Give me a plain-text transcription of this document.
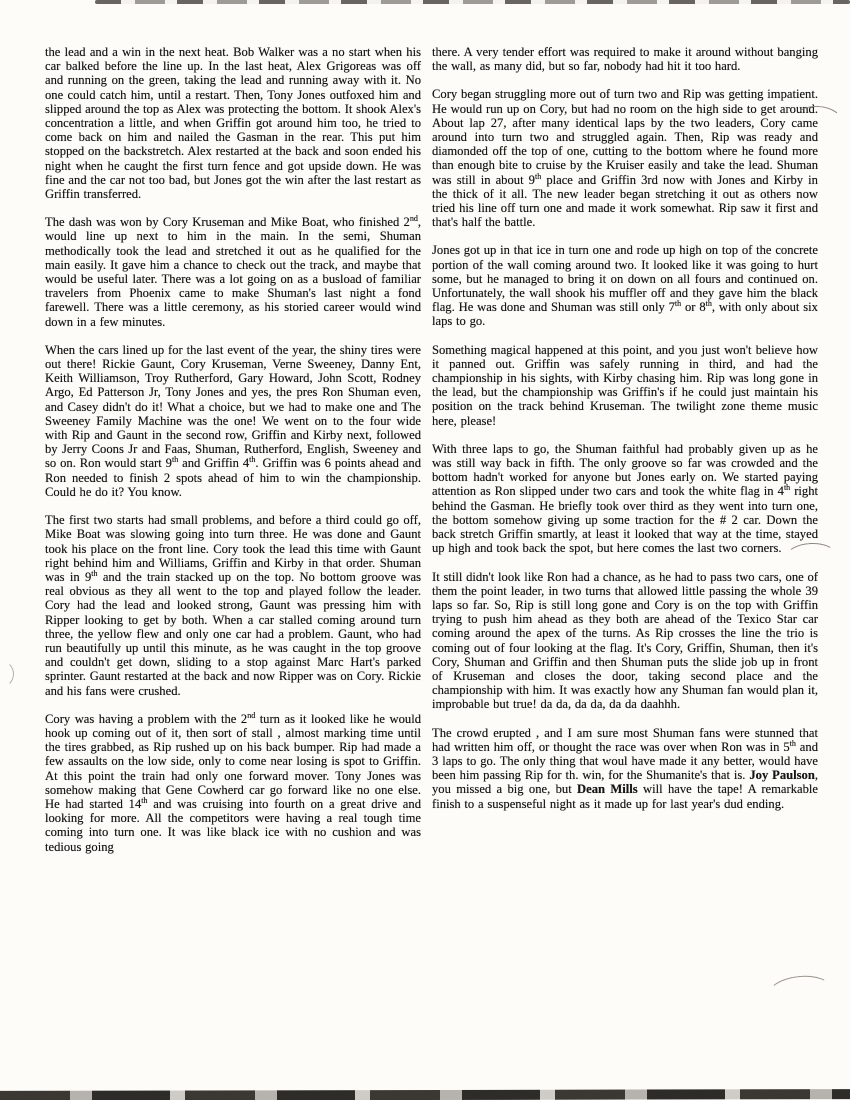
the lead and a win in the next heat. Bob Walker was a no start when his car balked before the line up. In the last heat, Alex Grigoreas was off and running on the green, taking the lead and running away with it. No one could catch him, until a restart. Then, Tony Jones outfoxed him and slipped around the top as Alex was protecting the bottom. It shook Alex's concentration a little, and when Griffin got around him too, he tried to come back on him and nailed the Gasman in the rear. This put him stopped on the backstretch. Alex restarted at the back and soon ended his night when he caught the first turn fence and got upside down. He was fine and the car not too bad, but Jones got the win after the last restart as Griffin transferred.

The dash was won by Cory Kruseman and Mike Boat, who finished 2nd, would line up next to him in the main. In the semi, Shuman methodically took the lead and stretched it out as he qualified for the main easily. It gave him a chance to check out the track, and maybe that would be useful later. There was a lot going on as a busload of familiar travelers from Phoenix came to make Shuman's last night a fond farewell. There was a little ceremony, as his storied career would wind down in a few minutes.

When the cars lined up for the last event of the year, the shiny tires were out there! Rickie Gaunt, Cory Kruseman, Verne Sweeney, Danny Ent, Keith Williamson, Troy Rutherford, Gary Howard, John Scott, Rodney Argo, Ed Patterson Jr, Tony Jones and yes, the pres Ron Shuman even, and Casey didn't do it! What a choice, but we had to make one and The Sweeney Family Machine was the one! We went on to the four wide with Rip and Gaunt in the second row, Griffin and Kirby next, followed by Jerry Coons Jr and Faas, Shuman, Rutherford, English, Sweeney and so on. Ron would start 9th and Griffin 4th. Griffin was 6 points ahead and Ron needed to finish 2 spots ahead of him to win the championship. Could he do it? You know.

The first two starts had small problems, and before a third could go off, Mike Boat was slowing going into turn three. He was done and Gaunt took his place on the front line. Cory took the lead this time with Gaunt right behind him and Williams, Griffin and Kirby in that order. Shuman was in 9th and the train stacked up on the top. No bottom groove was real obvious as they all went to the top and played follow the leader. Cory had the lead and looked strong, Gaunt was pressing him with Ripper looking to get by both. When a car stalled coming around turn three, the yellow flew and only one car had a problem. Gaunt, who had run beautifully up until this minute, as he was caught in the top groove and couldn't get down, sliding to a stop against Marc Hart's parked sprinter. Gaunt restarted at the back and now Ripper was on Cory. Rickie and his fans were crushed.

Cory was having a problem with the 2nd turn as it looked like he would hook up coming out of it, then sort of stall , almost marking time until the tires grabbed, as Rip rushed up on his back bumper. Rip had made a few assaults on the low side, only to come near losing is spot to Griffin. At this point the train had only one forward mover. Tony Jones was somehow making that Gene Cowherd car go forward like no one else. He had started 14th and was cruising into fourth on a great drive and looking for more. All the competitors were having a real tough time coming into turn one. It was like black ice with no cushion and was tedious going

there. A very tender effort was required to make it around without banging the wall, as many did, but so far, nobody had hit it too hard.

Cory began struggling more out of turn two and Rip was getting impatient. He would run up on Cory, but had no room on the high side to get around. About lap 27, after many identical laps by the two leaders, Cory came around into turn two and struggled again. Then, Rip was ready and diamonded off the top of one, cutting to the bottom where he found more than enough bite to cruise by the Kruiser easily and take the lead. Shuman was still in about 9th place and Griffin 3rd now with Jones and Kirby in the thick of it all. The new leader began stretching it out as others now tried his line off turn one and made it work somewhat. Rip saw it first and that's half the battle.

Jones got up in that ice in turn one and rode up high on top of the concrete portion of the wall coming around two. It looked like it was going to hurt some, but he managed to bring it on down on all fours and continued on. Unfortunately, the wall shook his muffler off and they gave him the black flag. He was done and Shuman was still only 7th or 8th, with only about six laps to go.

Something magical happened at this point, and you just won't believe how it panned out. Griffin was safely running in third, and had the championship in his sights, with Kirby chasing him. Rip was long gone in the lead, but the championship was Griffin's if he could just maintain his position on the track behind Kruseman. The twilight zone theme music here, please!

With three laps to go, the Shuman faithful had probably given up as he was still way back in fifth. The only groove so far was crowded and the bottom hadn't worked for anyone but Jones early on. We started paying attention as Ron slipped under two cars and took the white flag in 4th right behind the Gasman. He briefly took over third as they went into turn one, the bottom somehow giving up some traction for the # 2 car. Down the back stretch Griffin smartly, at least it looked that way at the time, stayed up high and took back the spot, but here comes the last two corners.

It still didn't look like Ron had a chance, as he had to pass two cars, one of them the point leader, in two turns that allowed little passing the whole 39 laps so far. So, Rip is still long gone and Cory is on the top with Griffin trying to push him ahead as they both are ahead of the Texico Star car coming around the apex of the turns. As Rip crosses the line the trio is coming out of four looking at the flag. It's Cory, Griffin, Shuman, then it's Cory, Shuman and Griffin and then Shuman puts the slide job up in front of Kruseman and closes the door, taking second place and the championship with him. It was exactly how any Shuman fan would plan it, improbable but true! da da, da da, da da daahhh.

The crowd erupted , and I am sure most Shuman fans were stunned that had written him off, or thought the race was over when Ron was in 5th and 3 laps to go. The only thing that woul have made it any better, would have been him passing Rip for th. win, for the Shumanite's that is. Joy Paulson, you missed a big one, but Dean Mills will have the tape! A remarkable finish to a suspenseful night as it made up for last year's dud ending.
